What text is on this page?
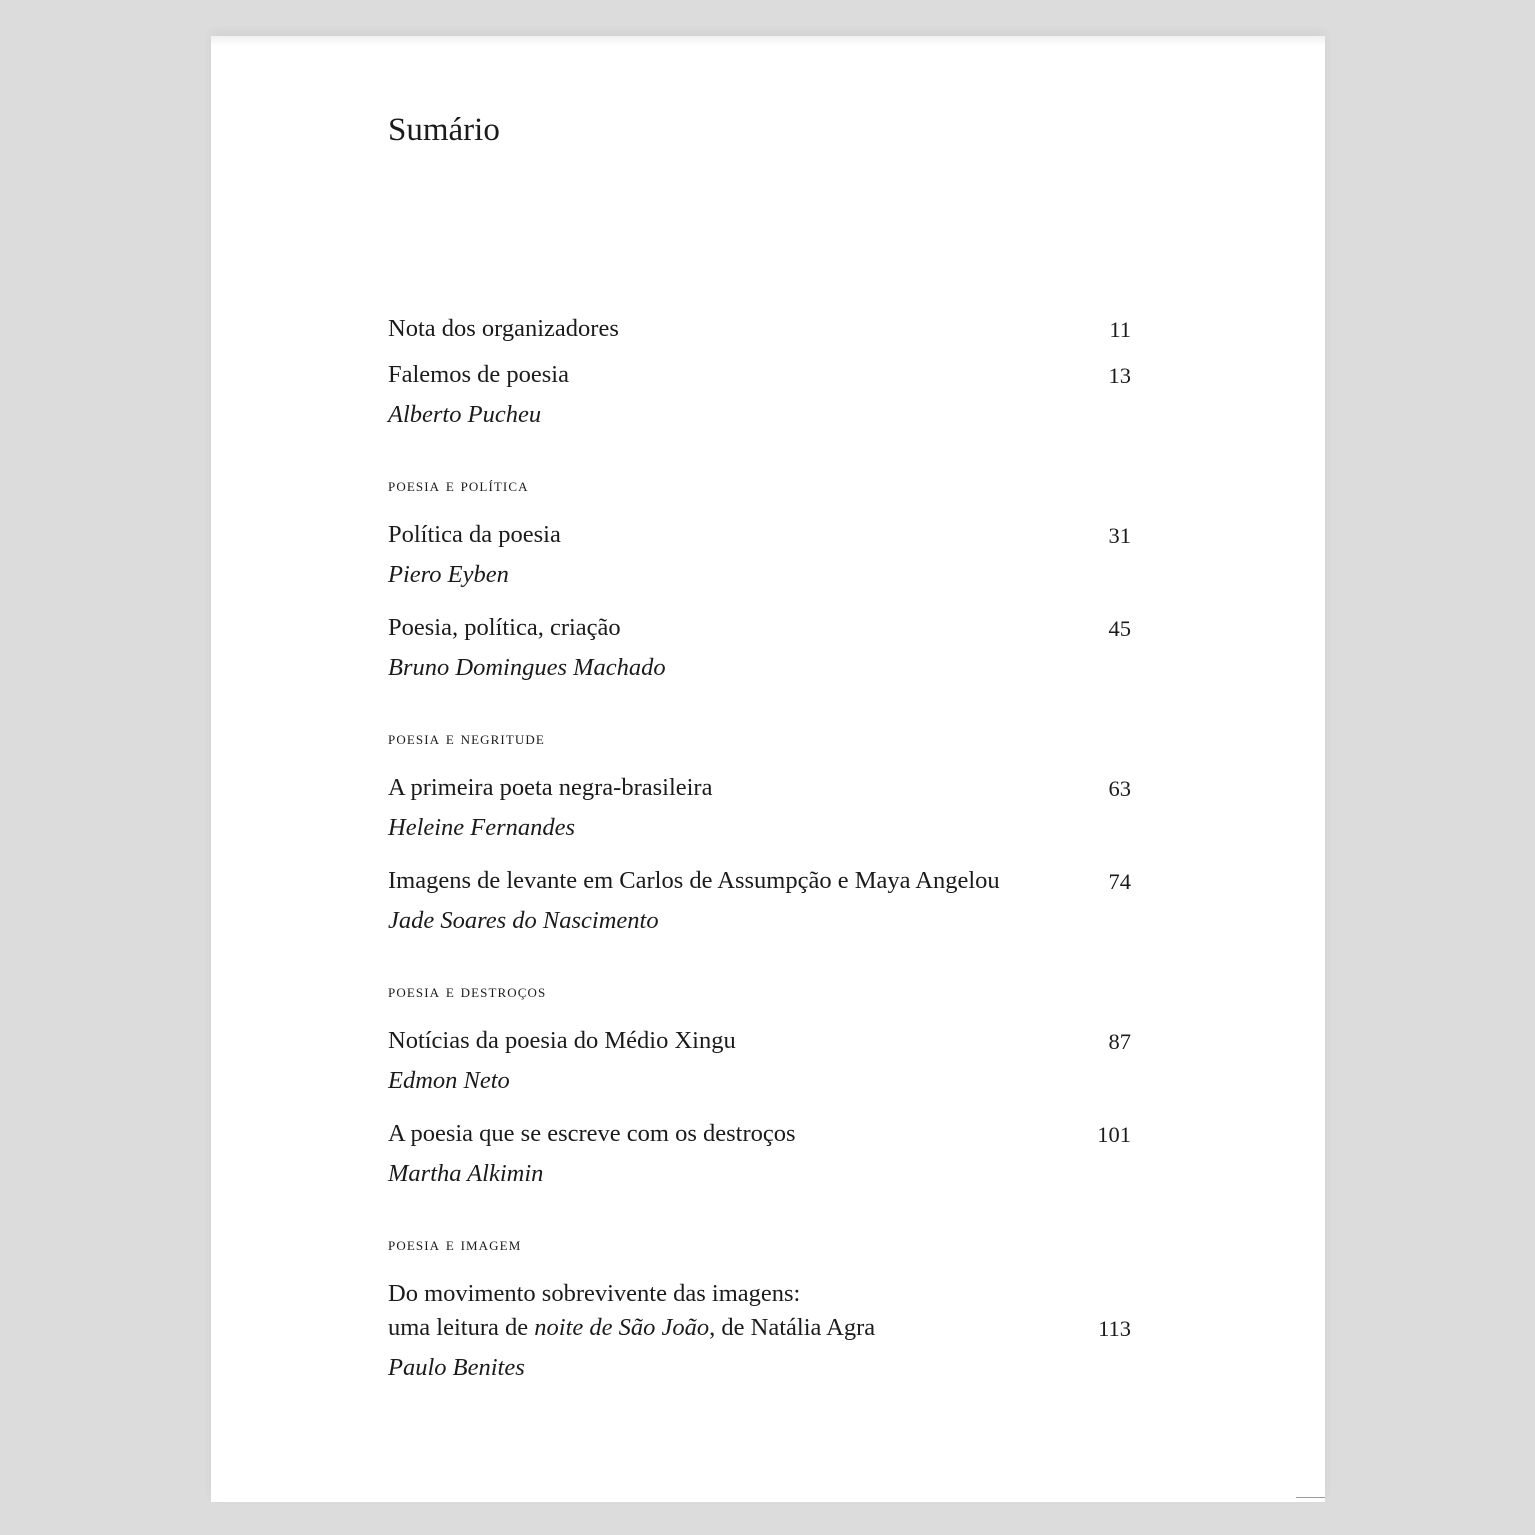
Sumário
Nota dos organizadores	11
Falemos de poesia	13
Alberto Pucheu
poesia e política
Política da poesia	31
Piero Eyben
Poesia, política, criação	45
Bruno Domingues Machado
poesia e negritude
A primeira poeta negra-brasileira	63
Heleine Fernandes
Imagens de levante em Carlos de Assumpção e Maya Angelou	74
Jade Soares do Nascimento
poesia e destroços
Notícias da poesia do Médio Xingu	87
Edmon Neto
A poesia que se escreve com os destroços	101
Martha Alkimin
poesia e imagem
Do movimento sobrevivente das imagens:
uma leitura de noite de São João, de Natália Agra	113
Paulo Benites
